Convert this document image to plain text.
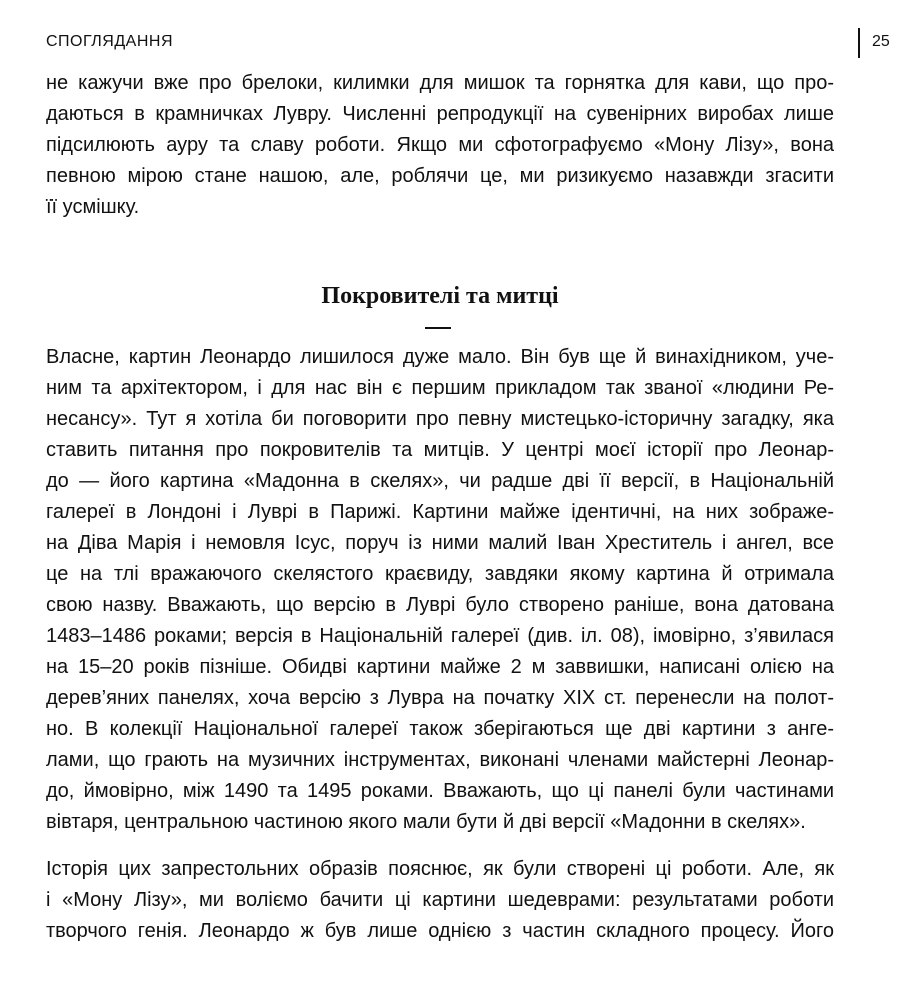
СПОГЛЯДАННЯ	25
не кажучи вже про брелоки, килимки для мишок та горнятка для кави, що про-
даються в крамничках Лувру. Численні репродукції на сувенірних виробах лише
підсилюють ауру та славу роботи. Якщо ми сфотографуємо «Мону Лізу», вона
певною мірою стане нашою, але, роблячи це, ми ризикуємо назавжди згасити
її усмішку.
Покровителі та митці
Власне, картин Леонардо лишилося дуже мало. Він був ще й винахідником, уче-
ним та архітектором, і для нас він є першим прикладом так званої «людини Ре-
несансу». Тут я хотіла би поговорити про певну мистецько-історичну загадку, яка
ставить питання про покровителів та митців. У центрі моєї історії про Леонар-
до — його картина «Мадонна в скелях», чи радше дві її версії, в Національній
галереї в Лондоні і Луврі в Парижі. Картини майже ідентичні, на них зображе-
на Діва Марія і немовля Ісус, поруч із ними малий Іван Хреститель і ангел, все
це на тлі вражаючого скелястого краєвиду, завдяки якому картина й отримала
свою назву. Вважають, що версію в Луврі було створено раніше, вона датована
1483–1486 роками; версія в Національній галереї (див. іл. 08), імовірно, з’явилася
на 15–20 років пізніше. Обидві картини майже 2 м заввишки, написані олією на
дерев’яних панелях, хоча версію з Лувра на початку XIX ст. перенесли на полот-
но. В колекції Національної галереї також зберігаються ще дві картини з анге-
лами, що грають на музичних інструментах, виконані членами майстерні Леонар-
до, ймовірно, між 1490 та 1495 роками. Вважають, що ці панелі були частинами
вівтаря, центральною частиною якого мали бути й дві версії «Мадонни в скелях».
Історія цих запрестольних образів пояснює, як були створені ці роботи. Але, як
і «Мону Лізу», ми воліємо бачити ці картини шедеврами: результатами роботи
творчого генія. Леонардо ж був лише однією з частин складного процесу. Його
